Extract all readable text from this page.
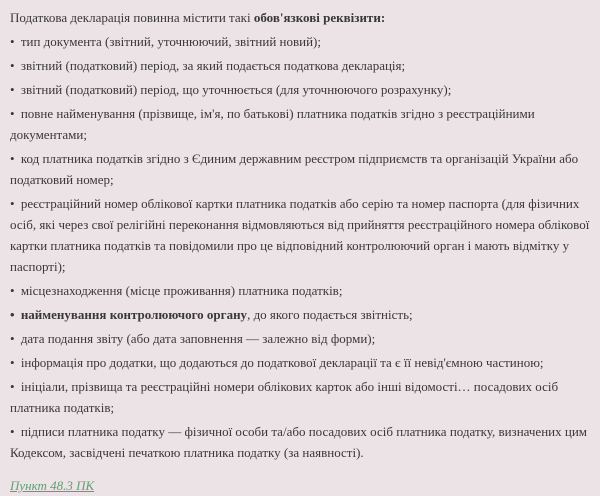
Податкова декларація повинна містити такі обов'язкові реквізити:

• тип документа (звітний, уточнюючий, звітний новий);

• звітний (податковий) період, за який подається податкова декларація;

• звітний (податковий) період, що уточнюється (для уточнюючого розрахунку);

• повне найменування (прізвище, ім'я, по батькові) платника податків згідно з реєстраційними документами;

• код платника податків згідно з Єдиним державним реєстром підприємств та організацій України або податковий номер;

• реєстраційний номер облікової картки платника податків або серію та номер паспорта (для фізичних осіб, які через свої релігійні переконання відмовляються від прийняття реєстраційного номера облікової картки платника податків та повідомили про це відповідний контролюючий орган і мають відмітку у паспорті);

• місцезнаходження (місце проживання) платника податків;

• найменування контролюючого органу, до якого подається звітність;

• дата подання звіту (або дата заповнення — залежно від форми);

• інформація про додатки, що додаються до податкової декларації та є її невід'ємною частиною;

• ініціали, прізвища та реєстраційні номери облікових карток або інші відомості… посадових осіб платника податків;

• підписи платника податку — фізичної особи та/або посадових осіб платника податку, визначених цим Кодексом, засвідчені печаткою платника податку (за наявності).

Пункт 48.3 ПК
